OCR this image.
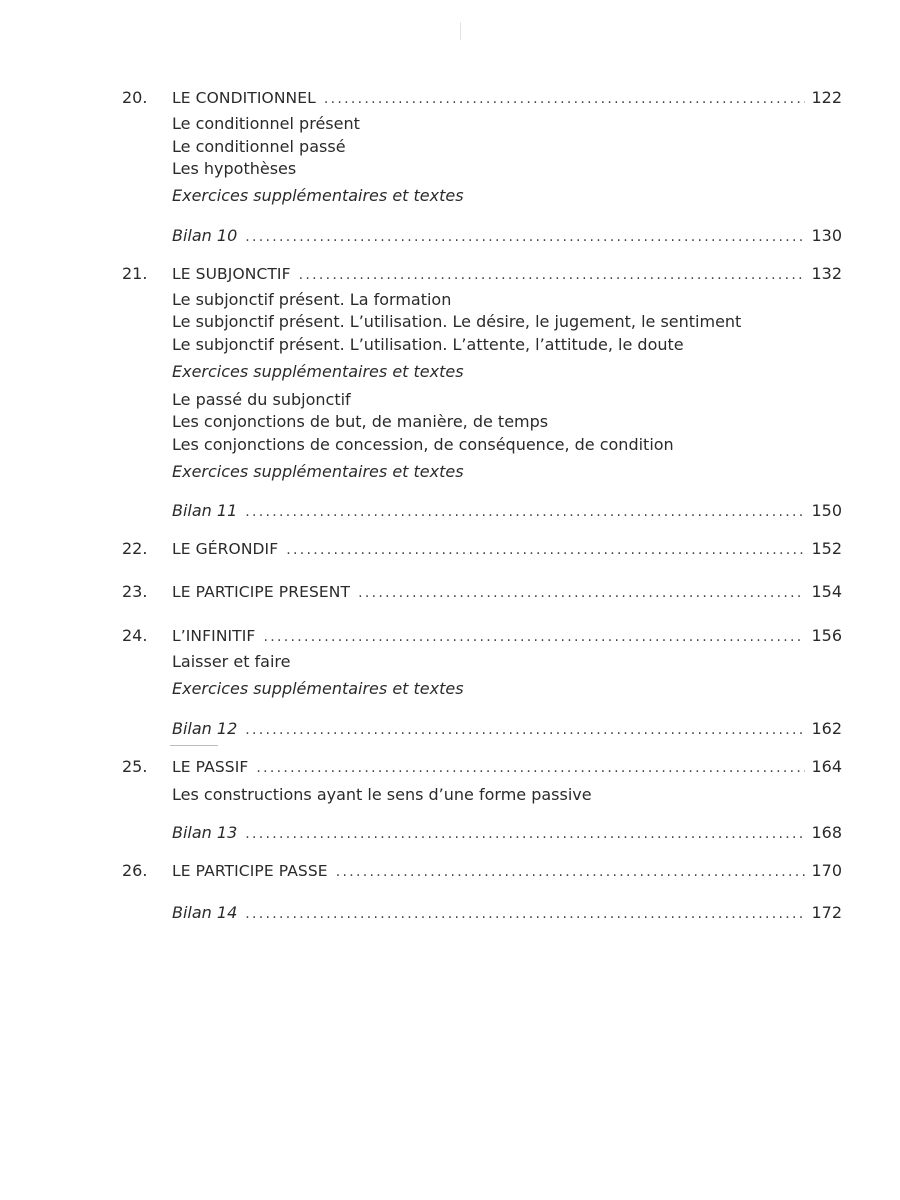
20.	LE CONDITIONNEL .....	122
Le conditionnel présent
Le conditionnel passé
Les hypothèses
Exercices supplémentaires et textes
Bilan 10 .....	130
21.	LE SUBJONCTIF .....	132
Le subjonctif présent. La formation
Le subjonctif présent. L’utilisation. Le désire, le jugement, le sentiment
Le subjonctif présent. L’utilisation. L’attente, l’attitude, le doute
Exercices supplémentaires et textes
Le passé du subjonctif
Les conjonctions de but, de manière, de temps
Les conjonctions de concession, de conséquence, de condition
Exercices supplémentaires et textes
Bilan 11 .....	150
22.	LE GÉRONDIF .....	152
23.	LE PARTICIPE PRESENT .....	154
24.	L’INFINITIF .....	156
Laisser et faire
Exercices supplémentaires et textes
Bilan 12 .....	162
25.	LE PASSIF .....	164
Les constructions ayant le sens d’une forme passive
Bilan 13 .....	168
26.	LE PARTICIPE PASSE .....	170
Bilan 14 .....	172
